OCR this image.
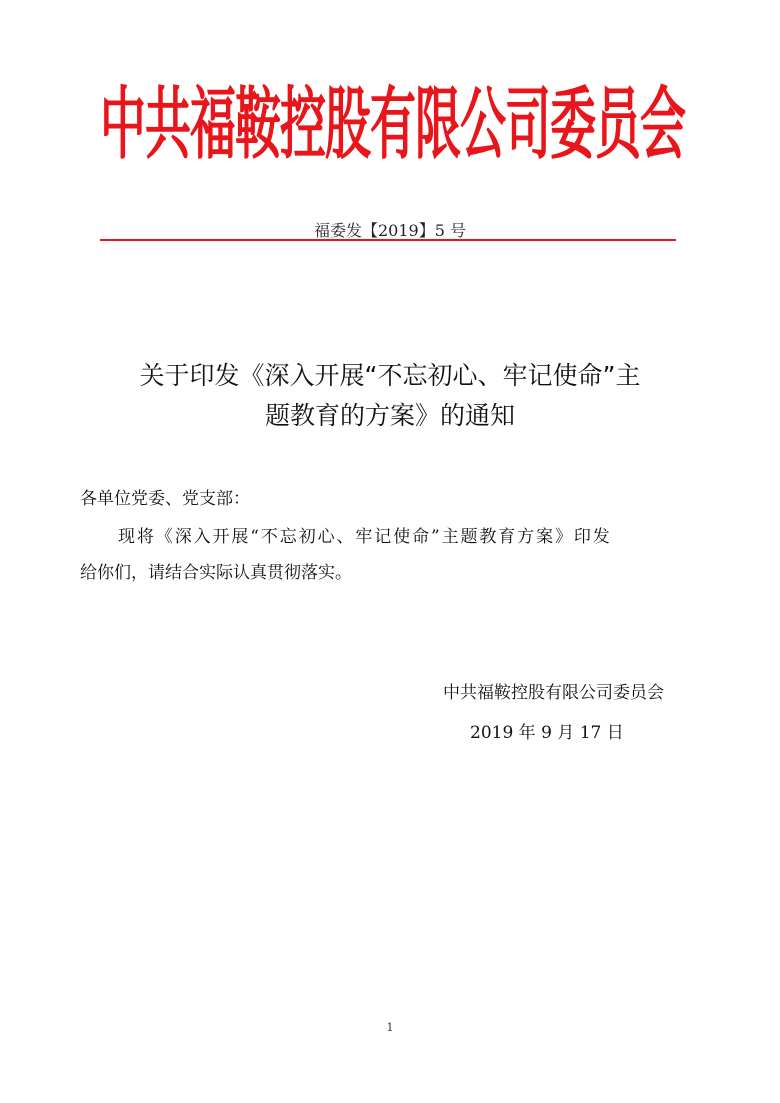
中共福鞍控股有限公司委员会
福委发【2019】5 号
关于印发《深入开展“不忘初心、牢记使命”主
题教育的方案》的通知
各单位党委、党支部：
现将《深入开展“不忘初心、牢记使命”主题教育方案》印发
给你们，请结合实际认真贯彻落实。
中共福鞍控股有限公司委员会
2019 年 9 月 17 日
1
